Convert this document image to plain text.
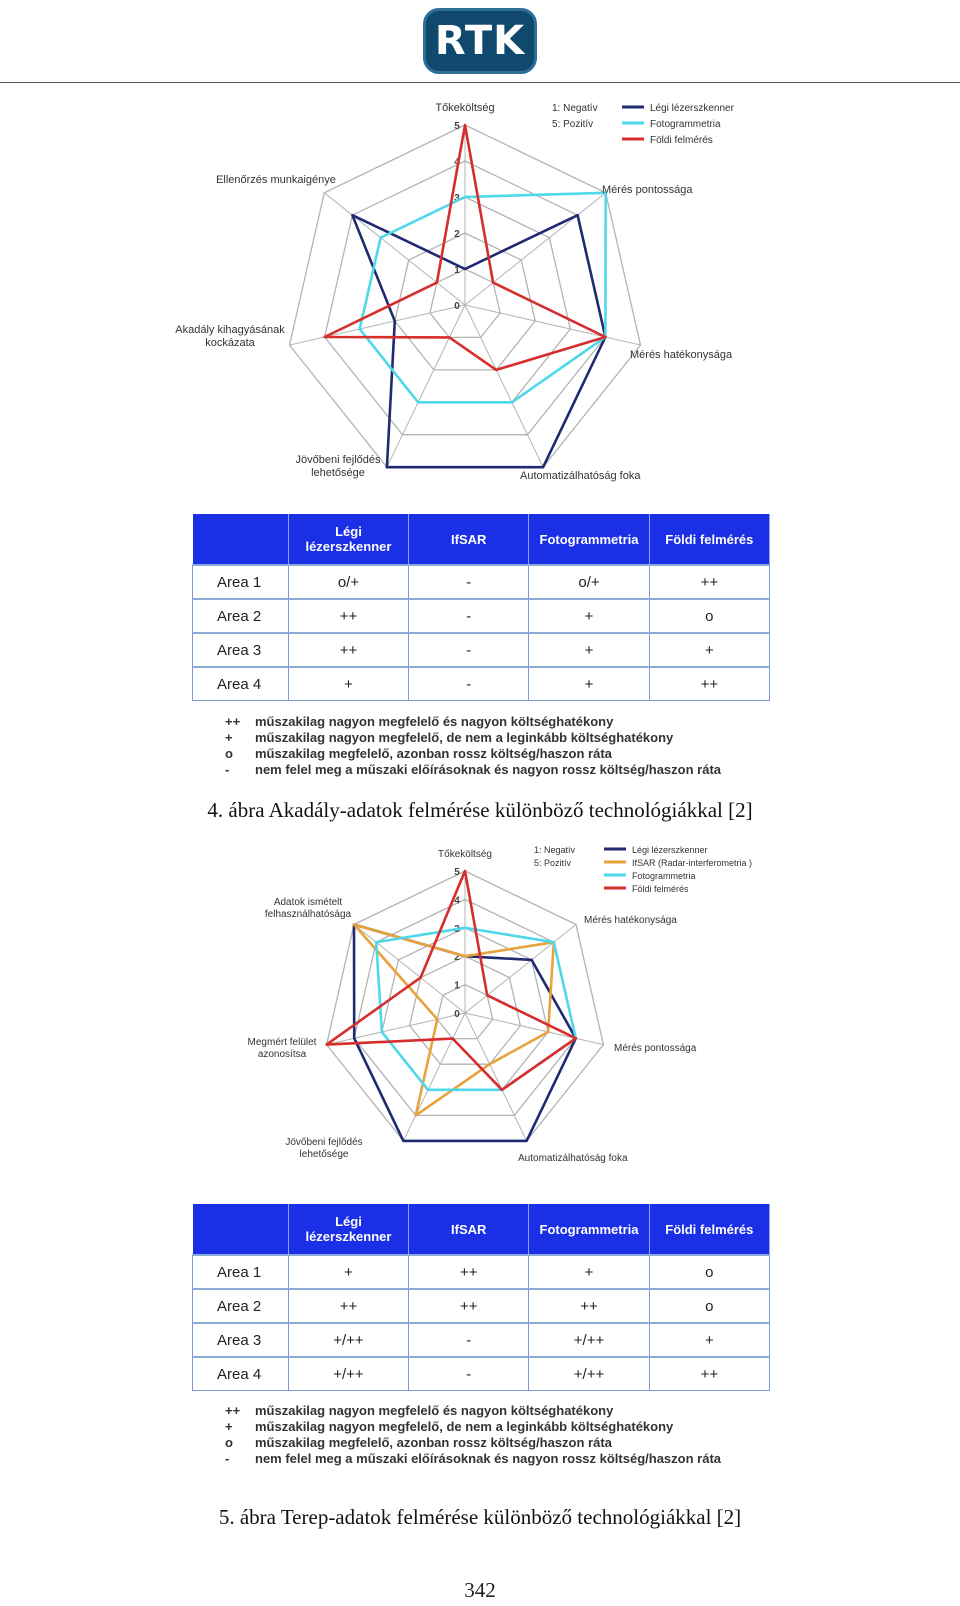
RTK
0
1
2
3
4
5
Tőkeköltség
Mérés pontossága
Mérés hatékonysága
Automatizálhatóság foka
Jövőbeni fejlődés lehetősége
Akadály kihagyásának kockázata
Ellenőrzés munkaigénye
1: Negatív
5: Pozitív
Légi lézerszkenner
Fotogrammetria
Földi felmérés
	Légi lézerszkenner	IfSAR	Fotogrammetria	Földi felmérés
Area 1	o/+	-	o/+	++
Area 2	++	-	+	o
Area 3	++	-	+	+
Area 4	+	-	+	++
++ műszakilag nagyon megfelelő és nagyon költséghatékony
+ műszakilag nagyon megfelelő, de nem a leginkább költséghatékony
o műszakilag megfelelő, azonban rossz költség/haszon ráta
- nem felel meg a műszaki előírásoknak és nagyon rossz költség/haszon ráta
4. ábra Akadály-adatok felmérése különböző technológiákkal [2]
0
1
2
3
4
5
Tőkeköltség
Mérés hatékonysága
Mérés pontossága
Automatizálhatóság foka
Jövőbeni fejlődés lehetősége
Megmért felület azonosítsa
Adatok ismételt felhasználhatósága
1: Negatív
5: Pozitív
Légi lézerszkenner
IfSAR (Radar-interferometria )
Fotogrammetria
Földi felmérés
	Légi lézerszkenner	IfSAR	Fotogrammetria	Földi felmérés
Area 1	+	++	+	o
Area 2	++	++	++	o
Area 3	+/++	-	+/++	+
Area 4	+/++	-	+/++	++
++ műszakilag nagyon megfelelő és nagyon költséghatékony
+ műszakilag nagyon megfelelő, de nem a leginkább költséghatékony
o műszakilag megfelelő, azonban rossz költség/haszon ráta
- nem felel meg a műszaki előírásoknak és nagyon rossz költség/haszon ráta
5. ábra Terep-adatok felmérése különböző technológiákkal [2]
342
